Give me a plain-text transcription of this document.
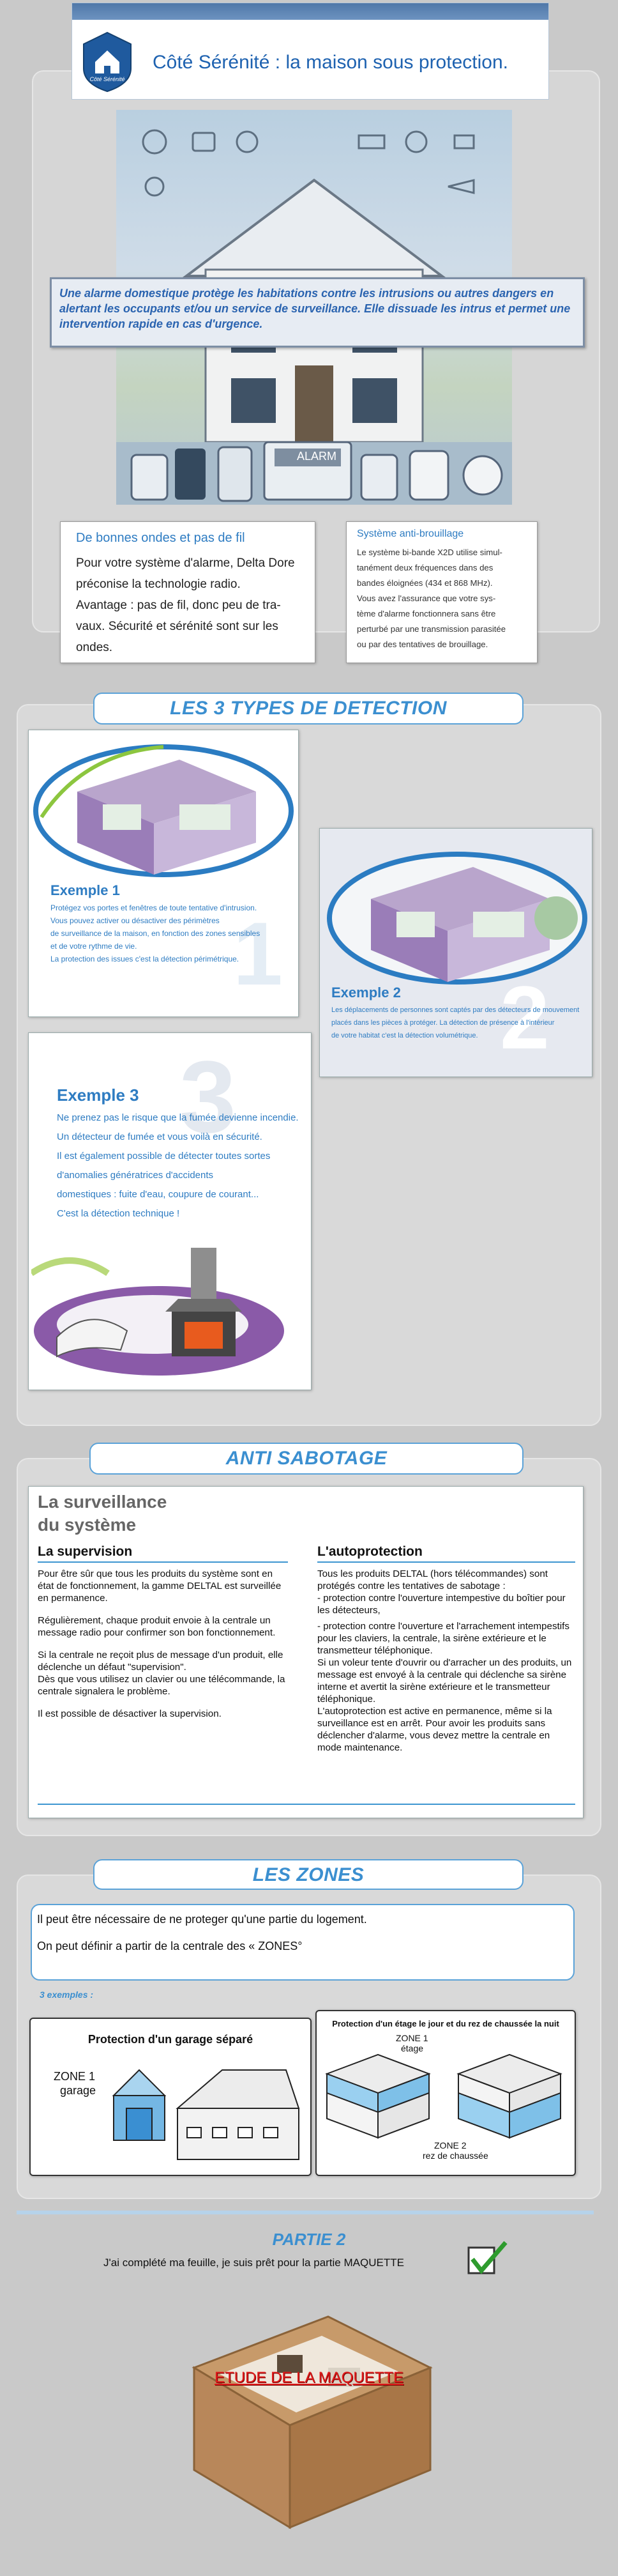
Côté Sérénité
Côté Sérénité : la maison sous protection.
ALARM
Une alarme domestique protège les habitations contre les intrusions ou autres dangers en alertant les occupants et/ou un service de surveillance. Elle dissuade les intrus et permet une intervention rapide en cas d'urgence.
De bonnes ondes et pas de fil

Pour votre système d'alarme, Delta Dore

préconise la technologie radio.

Avantage : pas de fil, donc peu de tra-

vaux. Sécurité et sérénité sont sur les

ondes.

Système anti-brouillage

Le système bi-bande X2D utilise simul-

tanément deux fréquences dans des

bandes éloignées (434 et 868 MHz).

Vous avez l'assurance que votre sys-

tème d'alarme fonctionnera sans être

perturbé par une transmission parasitée

ou par des tentatives de brouillage.

LES 3 TYPES DE DETECTION
1
Exemple 1

Protégez vos portes et fenêtres de toute tentative d'intrusion.

Vous pouvez activer ou désactiver des périmètres

de surveillance de la maison, en fonction des zones sensibles

et de votre rythme de vie.

La protection des issues c'est la détection périmétrique.

2
Exemple 2

Les déplacements de personnes sont captés par des détecteurs de mouvement

placés dans les pièces à protéger. La détection de présence à l'intérieur

de votre habitat c'est la détection volumétrique.

3
Exemple 3

Ne prenez pas le risque que la fumée devienne incendie.

Un détecteur de fumée et vous voilà en sécurité.

Il est également possible de détecter toutes sortes

d'anomalies génératrices d'accidents

domestiques : fuite d'eau, coupure de courant...

C'est la détection technique !

ANTI SABOTAGE
La surveillance
du système
La supervision

Pour être sûr que tous les produits du système sont en état de fonctionnement, la gamme DELTAL est surveillée en permanence.

Régulièrement, chaque produit envoie à la centrale un message radio pour confirmer son bon fonctionnement.

Si la centrale ne reçoit plus de message d'un produit, elle déclenche un défaut "supervision".

Dès que vous utilisez un clavier ou une télécommande, la centrale signalera le problème.

Il est possible de désactiver la supervision.

L'autoprotection

Tous les produits DELTAL (hors télécommandes) sont protégés contre les tentatives de sabotage :

- protection contre l'ouverture intempestive du boîtier pour les détecteurs,

- protection contre l'ouverture et l'arrachement intempestifs pour les claviers, la centrale, la sirène extérieure et le transmetteur téléphonique.

Si un voleur tente d'ouvrir ou d'arracher un des produits, un message est envoyé à la centrale qui déclenche sa sirène interne et avertit la sirène extérieure et le transmetteur téléphonique.

L'autoprotection est active en permanence, même si la surveillance est en arrêt. Pour avoir les produits sans déclencher d'alarme, vous devez mettre la centrale en mode maintenance.

LES ZONES
Il peut être nécessaire de ne proteger qu'une partie du logement.
On peut définir a partir de la centrale des « ZONES°
3 exemples :
Protection d'un garage séparé
ZONE 1
garage
Protection d'un étage le jour et du rez de chaussée la nuit
ZONE 1
étage
ZONE 2
rez de chaussée
PARTIE 2
J'ai complété ma feuille, je suis prêt pour la partie MAQUETTE
ETUDE DE LA MAQUETTE
